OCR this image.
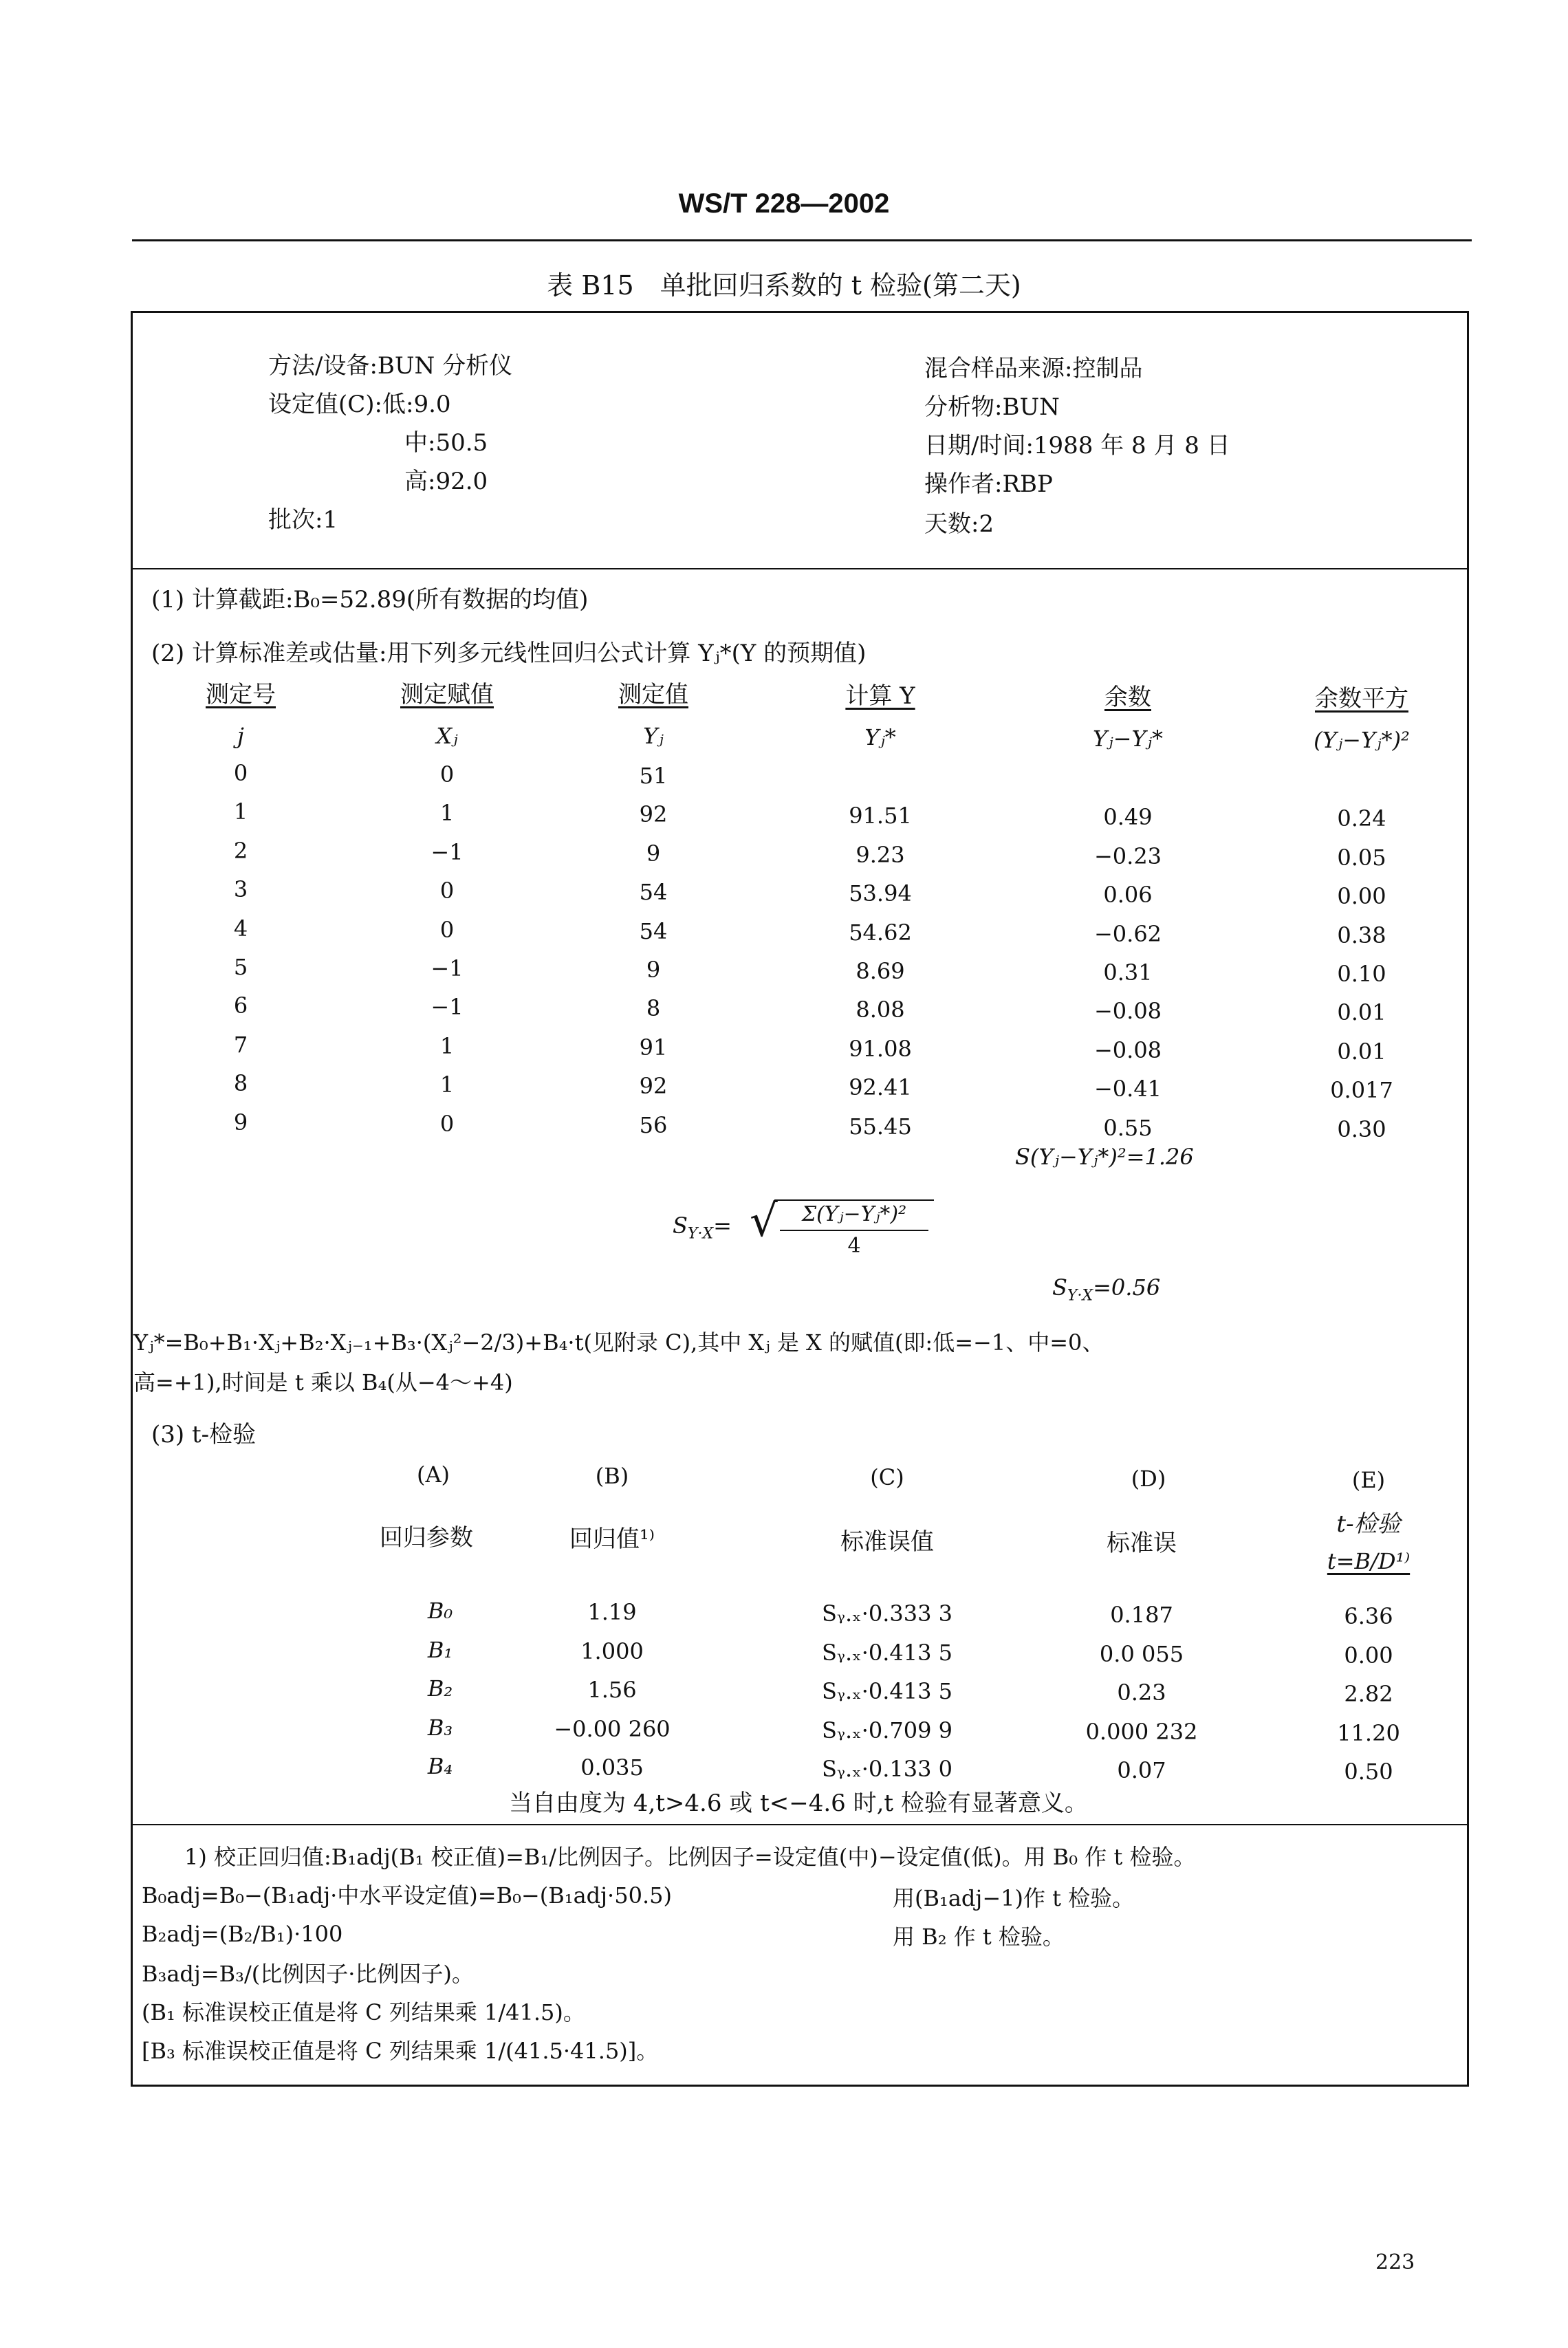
WS/T 228—2002
表 B15　单批回归系数的 t 检验(第二天)
方法/设备:BUN 分析仪
设定值(C):低:9.0
中:50.5
高:92.0
批次:1
混合样品来源:控制品
分析物:BUN
日期/时间:1988 年 8 月 8 日
操作者:RBP
天数:2
(1) 计算截距:B₀=52.89(所有数据的均值)
(2) 计算标准差或估量:用下列多元线性回归公式计算 Yⱼ*(Y 的预期值)
测定号	测定赋值	测定值	计算 Y	余数	余数平方
j	Xⱼ	Yⱼ	Yⱼ*	Yⱼ−Yⱼ*	(Yⱼ−Yⱼ*)²
0	0	51
1	1	92	91.51	0.49	0.24
2	−1	9	9.23	−0.23	0.05
3	0	54	53.94	0.06	0.00
4	0	54	54.62	−0.62	0.38
5	−1	9	8.69	0.31	0.10
6	−1	8	8.08	−0.08	0.01
7	1	91	91.08	−0.08	0.01
8	1	92	92.41	−0.41	0.017
9	0	56	55.45	0.55	0.30
S(Yⱼ−Yⱼ*)²=1.26
$S_{Y\cdot X}=$ √	Σ(Yⱼ−Yⱼ*)²
4
$S_{Y\cdot X}=0.56$
Yⱼ*=B₀+B₁·Xⱼ+B₂·Xⱼ₋₁+B₃·(Xⱼ²−2/3)+B₄·t(见附录 C),其中 Xⱼ 是 X 的赋值(即:低=−1、中=0、
高=+1),时间是 t 乘以 B₄(从−4～+4)
(3) t-检验
(A)	(B)	(C)	(D)	(E)
回归参数	回归值¹⁾	标准误值	标准误
t-检验
t=B/D¹⁾
B₀	1.19	Sᵧ.ₓ·0.333 3	0.187	6.36
B₁	1.000	Sᵧ.ₓ·0.413 5	0.0 055	0.00
B₂	1.56	Sᵧ.ₓ·0.413 5	0.23	2.82
B₃	−0.00 260	Sᵧ.ₓ·0.709 9	0.000 232	11.20
B₄	0.035	Sᵧ.ₓ·0.133 0	0.07	0.50
当自由度为 4,t>4.6 或 t<−4.6 时,t 检验有显著意义。
1) 校正回归值:B₁adj(B₁ 校正值)=B₁/比例因子。比例因子=设定值(中)−设定值(低)。用 B₀ 作 t 检验。
B₀adj=B₀−(B₁adj·中水平设定值)=B₀−(B₁adj·50.5)	用(B₁adj−1)作 t 检验。
B₂adj=(B₂/B₁)·100	用 B₂ 作 t 检验。
B₃adj=B₃/(比例因子·比例因子)。
(B₁ 标准误校正值是将 C 列结果乘 1/41.5)。
[B₃ 标准误校正值是将 C 列结果乘 1/(41.5·41.5)]。
223
